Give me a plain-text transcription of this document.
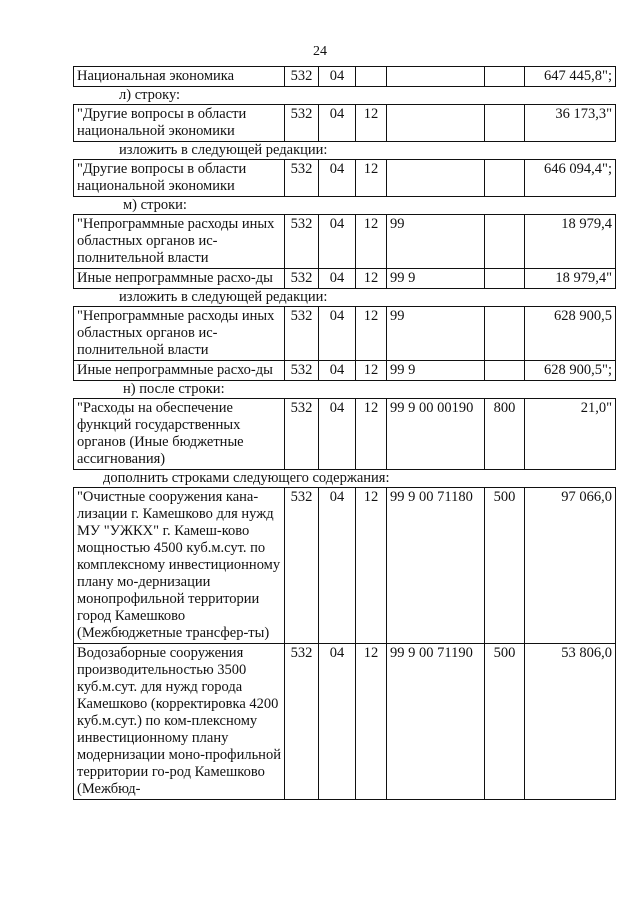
24
Национальная экономика	532	04				647 445,8";
л) строку:
"Другие вопросы в области национальной экономики	532	04	12			36 173,3"
изложить в следующей редакции:
"Другие вопросы в области национальной экономики	532	04	12			646 094,4";
м) строки:
"Непрограммные расходы иных областных органов ис-полнительной власти	532	04	12	99		18 979,4
Иные непрограммные расхо-ды	532	04	12	99 9		18 979,4"
изложить в следующей редакции:
"Непрограммные расходы иных областных органов ис-полнительной власти	532	04	12	99		628 900,5
Иные непрограммные расхо-ды	532	04	12	99 9		628 900,5";
н) после строки:
"Расходы на обеспечение функций государственных органов (Иные бюджетные ассигнования)	532	04	12	99 9 00 00190	800	21,0"
дополнить строками следующего содержания:
"Очистные сооружения кана-лизации г. Камешково для нужд МУ "УЖКХ" г. Камеш-ково мощностью 4500 куб.м.сут. по комплексному инвестиционному плану мо-дернизации монопрофильной территории город Камешково (Межбюджетные трансфер-ты)	532	04	12	99 9 00 71180	500	97 066,0
Водозаборные сооружения производительностью 3500 куб.м.сут. для нужд города Камешково (корректировка 4200 куб.м.сут.) по ком-плексному инвестиционному плану модернизации моно-профильной территории го-род Камешково (Межбюд-	532	04	12	99 9 00 71190	500	53 806,0
